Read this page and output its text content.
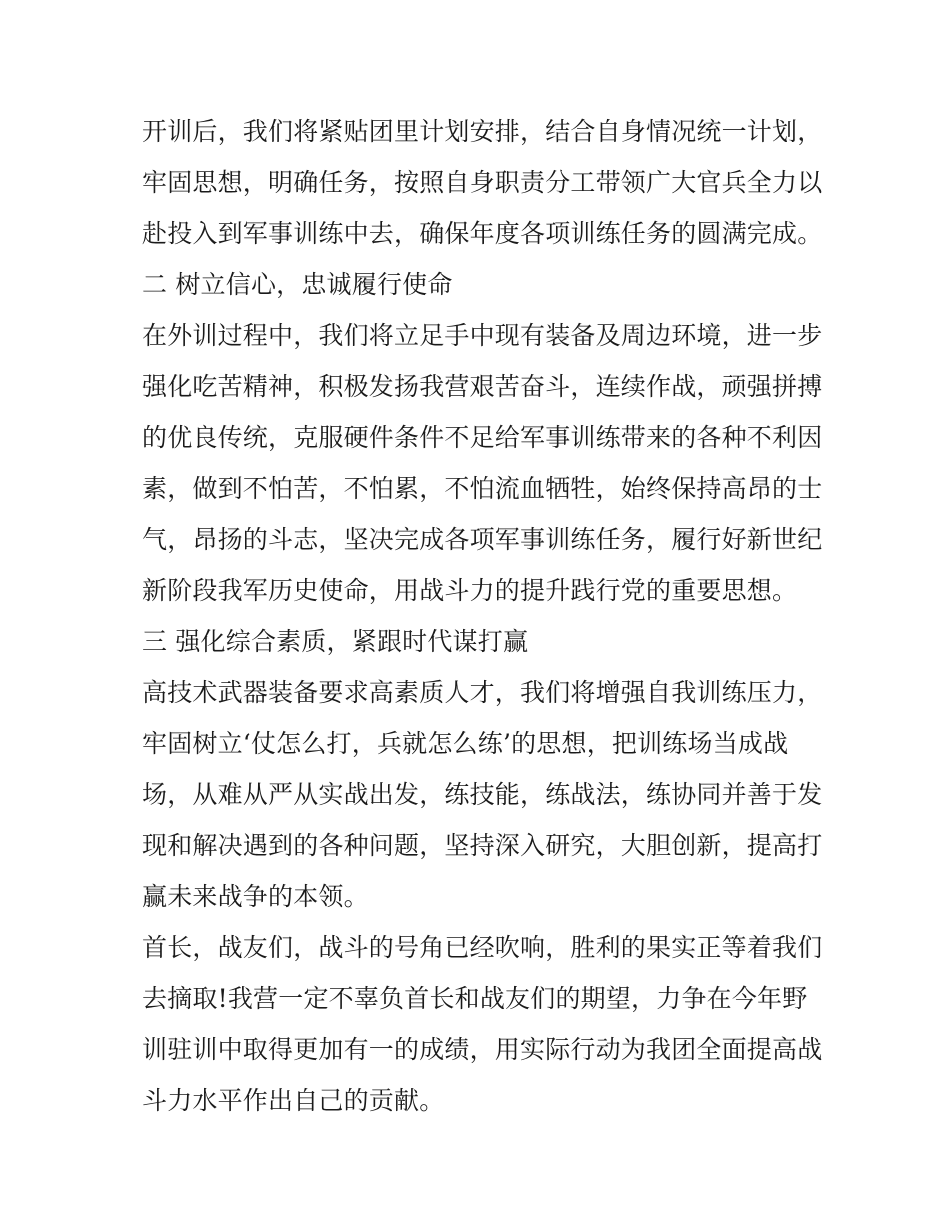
开训后，我们将紧贴团里计划安排，结合自身情况统一计划，
牢固思想，明确任务，按照自身职责分工带领广大官兵全力以
赴投入到军事训练中去，确保年度各项训练任务的圆满完成。
二 树立信心，忠诚履行使命
在外训过程中，我们将立足手中现有装备及周边环境，进一步
强化吃苦精神，积极发扬我营艰苦奋斗，连续作战，顽强拼搏
的优良传统，克服硬件条件不足给军事训练带来的各种不利因
素，做到不怕苦，不怕累，不怕流血牺牲，始终保持高昂的士
气，昂扬的斗志，坚决完成各项军事训练任务，履行好新世纪
新阶段我军历史使命，用战斗力的提升践行党的重要思想。
三 强化综合素质，紧跟时代谋打赢
高技术武器装备要求高素质人才，我们将增强自我训练压力，
牢固树立‘仗怎么打，兵就怎么练’的思想，把训练场当成战
场，从难从严从实战出发，练技能，练战法，练协同并善于发
现和解决遇到的各种问题，坚持深入研究，大胆创新，提高打
赢未来战争的本领。
首长，战友们，战斗的号角已经吹响，胜利的果实正等着我们
去摘取!我营一定不辜负首长和战友们的期望，力争在今年野
训驻训中取得更加有一的成绩，用实际行动为我团全面提高战
斗力水平作出自己的贡献。
